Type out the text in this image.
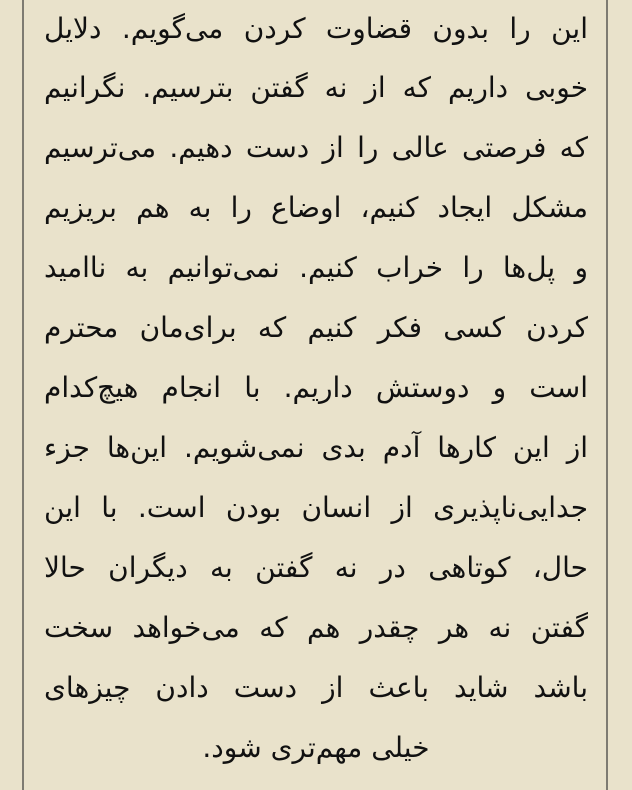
این را بدون قضاوت کردن می‌گویم. دلایل
خوبی داریم که از نه گفتن بترسیم. نگرانیم
که فرصتی عالی را از دست دهیم. می‌ترسیم
مشکل ایجاد کنیم، اوضاع را به هم بریزیم
و پل‌ها را خراب کنیم. نمی‌توانیم به ناامید
کردن کسی فکر کنیم که برای‌مان محترم
است و دوستش داریم. با انجام هیچ‌کدام
از این کارها آدم بدی نمی‌شویم. این‌ها جزء
جدایی‌ناپذیری از انسان بودن است. با این
حال، کوتاهی در نه گفتن به دیگران حالا
گفتن نه هر چقدر هم که می‌خواهد سخت
باشد شاید باعث از دست دادن چیزهای
خیلی مهم‌تری شود.
